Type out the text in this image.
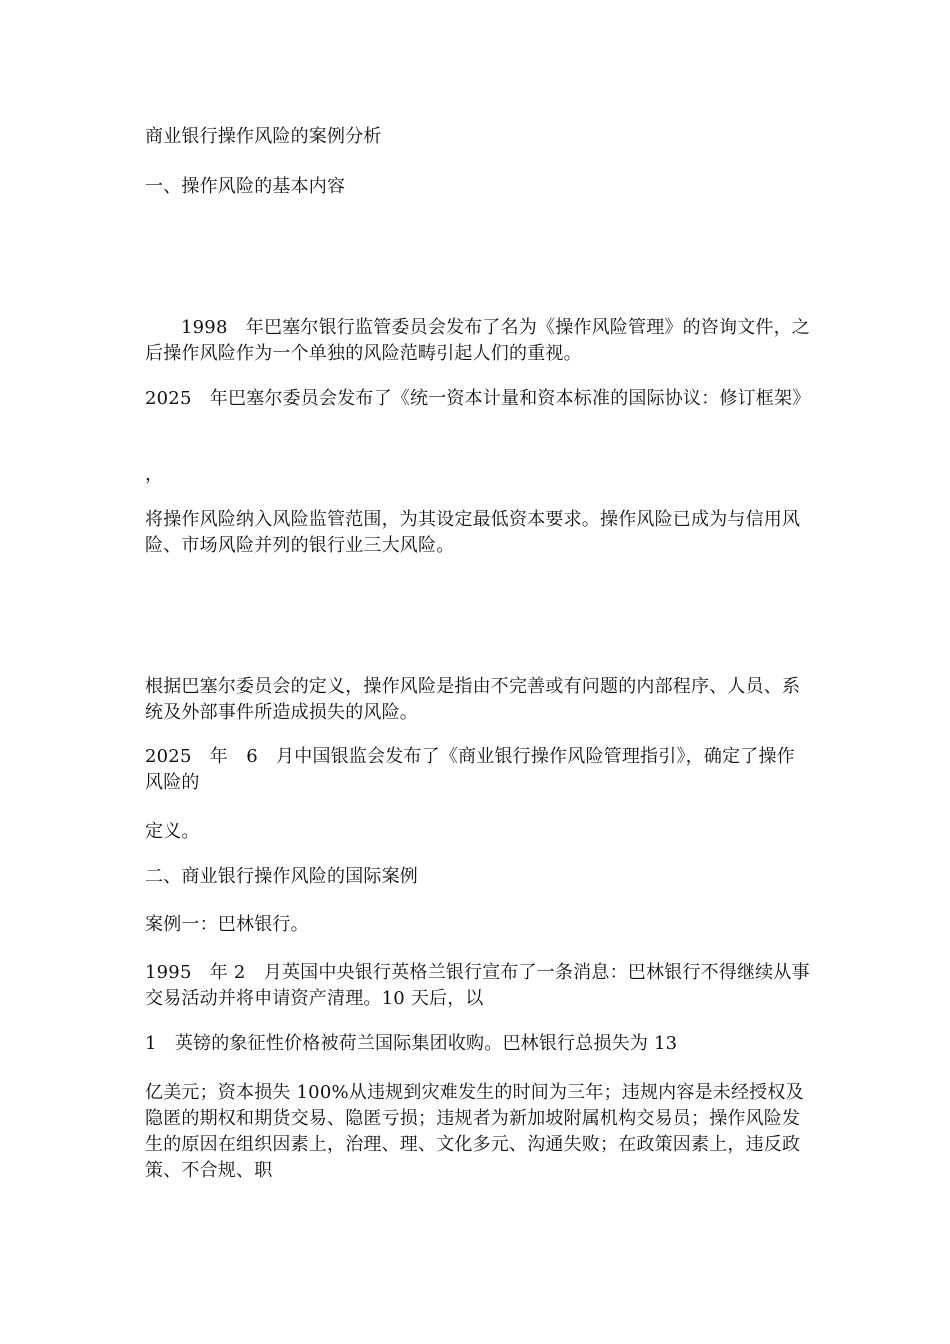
商业银行操作风险的案例分析

一、操作风险的基本内容

1998　年巴塞尔银行监管委员会发布了名为《操作风险管理》的咨询文件，之后操作风险作为一个单独的风险范畴引起人们的重视。

2025　年巴塞尔委员会发布了《统一资本计量和资本标准的国际协议：修订框架》

，

将操作风险纳入风险监管范围，为其设定最低资本要求。操作风险已成为与信用风险、市场风险并列的银行业三大风险。

根据巴塞尔委员会的定义，操作风险是指由不完善或有问题的内部程序、人员、系统及外部事件所造成损失的风险。

2025　年　6　月中国银监会发布了《商业银行操作风险管理指引》，确定了操作风险的

定义。

二、商业银行操作风险的国际案例

案例一：巴林银行。

1995　年 2　月英国中央银行英格兰银行宣布了一条消息：巴林银行不得继续从事交易活动并将申请资产清理。10 天后，以

1　英镑的象征性价格被荷兰国际集团收购。巴林银行总损失为 13

亿美元；资本损失 100%从违规到灾难发生的时间为三年；违规内容是未经授权及隐匿的期权和期货交易、隐匿亏损；违规者为新加坡附属机构交易员；操作风险发生的原因在组织因素上，治理、理、文化多元、沟通失败；在政策因素上，违反政策、不合规、职
